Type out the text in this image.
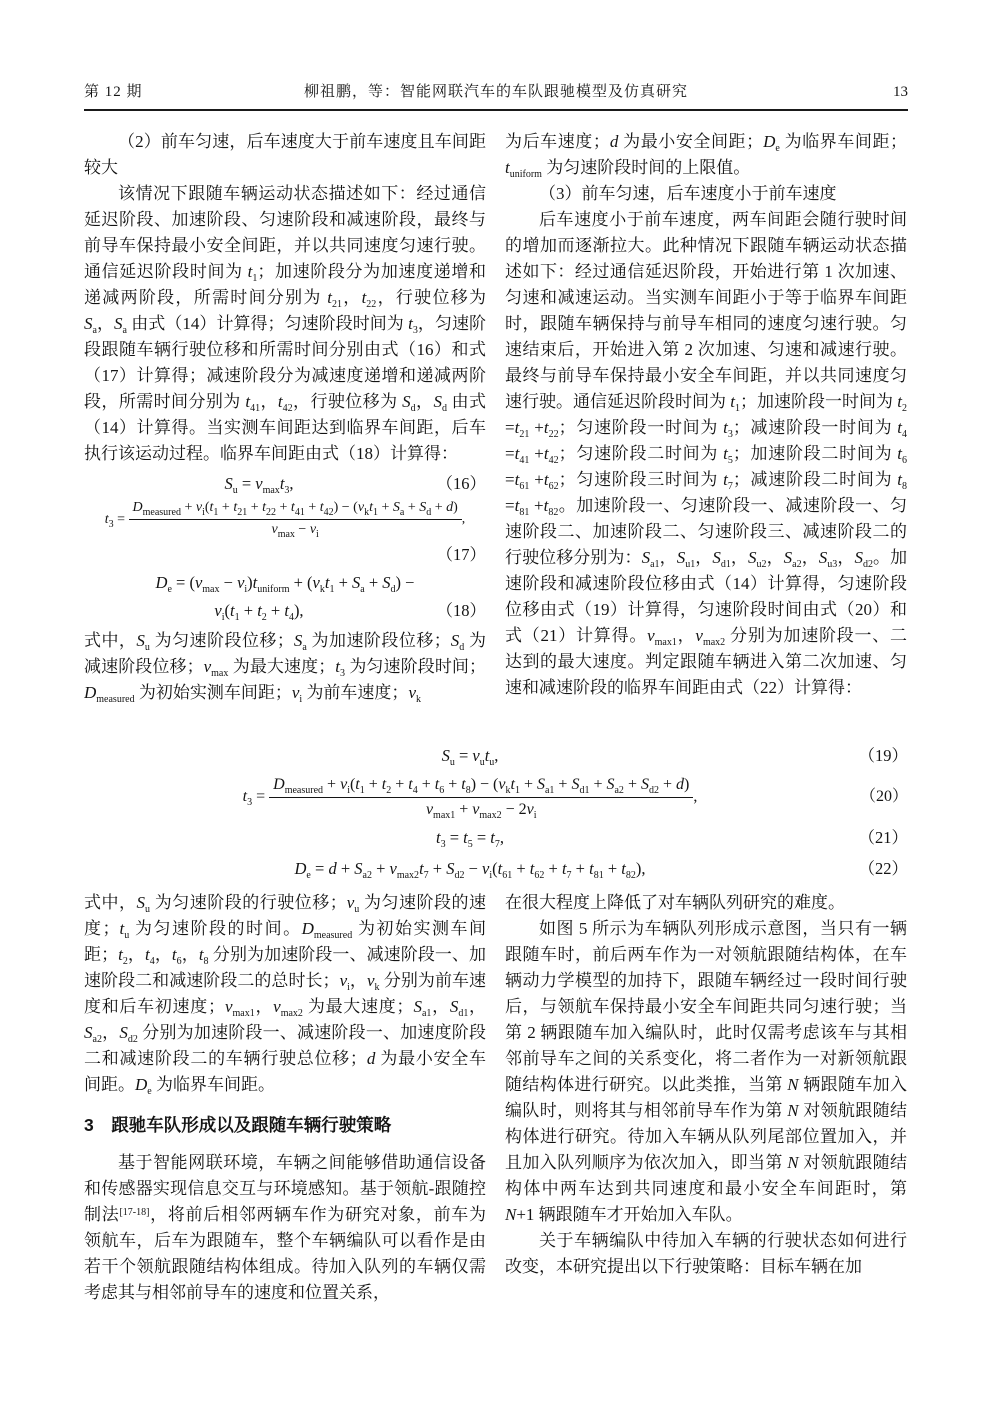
第 12 期	柳祖鹏，等：智能网联汽车的车队跟驰模型及仿真研究	13

（2）前车匀速，后车速度大于前车速度且车间距较大

该情况下跟随车辆运动状态描述如下：经过通信延迟阶段、加速阶段、匀速阶段和减速阶段，最终与前导车保持最小安全间距，并以共同速度匀速行驶。通信延迟阶段时间为 $t_1$；加速阶段分为加速度递增和递减两阶段，所需时间分别为 $t_{21}$，$t_{22}$，行驶位移为 $S_a$，$S_a$ 由式（14）计算得；匀速阶段时间为 $t_3$，匀速阶段跟随车辆行驶位移和所需时间分别由式（16）和式（17）计算得；减速阶段分为减速度递增和递减两阶段，所需时间分别为 $t_{41}$，$t_{42}$，行驶位移为 $S_d$，$S_d$ 由式（14）计算得。当实测车间距达到临界车间距，后车执行该运动过程。临界车间距由式（18）计算得：

$S_u = v_{max}t_3$,	（16）
$t_3$ =
$D_{measured} + v_i(t_1 + t_{21} + t_{22} + t_{41} + t_{42}) - (v_kt_1 + S_a + S_d + d)$
$v_{max} - v_i$
,
（17）
$D_e = (v_{max} - v_i)t_{uniform} + (v_kt_1 + S_a + S_d)$ −
$v_i(t_1 + t_2 + t_4)$,	（18）

式中，$S_u$ 为匀速阶段位移；$S_a$ 为加速阶段位移；$S_d$ 为减速阶段位移；$v_{max}$ 为最大速度；$t_3$ 为匀速阶段时间；$D_{measured}$ 为初始实测车间距；$v_i$ 为前车速度；$v_k$

为后车速度；d 为最小安全间距；$D_e$ 为临界车间距；$t_{uniform}$ 为匀速阶段时间的上限值。

（3）前车匀速，后车速度小于前车速度

后车速度小于前车速度，两车间距会随行驶时间的增加而逐渐拉大。此种情况下跟随车辆运动状态描述如下：经过通信延迟阶段，开始进行第 1 次加速、匀速和减速运动。当实测车间距小于等于临界车间距时，跟随车辆保持与前导车相同的速度匀速行驶。匀速结束后，开始进入第 2 次加速、匀速和减速行驶。最终与前导车保持最小安全车间距，并以共同速度匀速行驶。通信延迟阶段时间为 $t_1$；加速阶段一时间为 $t_2 =t_{21} +t_{22}$；匀速阶段一时间为 $t_3$；减速阶段一时间为 $t_4 =t_{41} +t_{42}$；匀速阶段二时间为 $t_5$；加速阶段二时间为 $t_6 =t_{61} +t_{62}$；匀速阶段三时间为 $t_7$；减速阶段二时间为 $t_8 =t_{81} +t_{82}$。加速阶段一、匀速阶段一、减速阶段一、匀速阶段二、加速阶段二、匀速阶段三、减速阶段二的行驶位移分别为：$S_{a1}$，$S_{u1}$，$S_{d1}$，$S_{u2}$，$S_{a2}$，$S_{u3}$，$S_{d2}$。加速阶段和减速阶段位移由式（14）计算得，匀速阶段位移由式（19）计算得，匀速阶段时间由式（20）和式（21）计算得。$v_{max1}$，$v_{max2}$ 分别为加速阶段一、二达到的最大速度。判定跟随车辆进入第二次加速、匀速和减速阶段的临界车间距由式（22）计算得：

$S_u = v_ut_u$,	（19）
$t_3$ =
$D_{measured} + v_i(t_1 + t_2 + t_4 + t_6 + t_8) - (v_kt_1 + S_{a1} + S_{d1} + S_{a2} + S_{d2} + d)$
$v_{max1} + v_{max2} - 2v_i$
,	（20）
$t_3 = t_5 = t_7$,	（21）
$D_e = d + S_{a2} + v_{max2}t_7 + S_{d2} - v_i(t_{61} + t_{62} + t_7 + t_{81} + t_{82})$,	（22）

式中，$S_u$ 为匀速阶段的行驶位移；$v_u$ 为匀速阶段的速度；$t_u$ 为匀速阶段的时间。$D_{measured}$ 为初始实测车间距；$t_2$，$t_4$，$t_6$，$t_8$ 分别为加速阶段一、减速阶段一、加速阶段二和减速阶段二的总时长；$v_i$，$v_k$ 分别为前车速度和后车初速度；$v_{max1}$，$v_{max2}$ 为最大速度；$S_{a1}$，$S_{d1}$，$S_{a2}$，$S_{d2}$ 分别为加速阶段一、减速阶段一、加速度阶段二和减速阶段二的车辆行驶总位移；d 为最小安全车间距。$D_e$ 为临界车间距。

3　跟驰车队形成以及跟随车辆行驶策略

基于智能网联环境，车辆之间能够借助通信设备和传感器实现信息交互与环境感知。基于领航-跟随控制法[17-18]，将前后相邻两辆车作为研究对象，前车为领航车，后车为跟随车，整个车辆编队可以看作是由若干个领航跟随结构体组成。待加入队列的车辆仅需考虑其与相邻前导车的速度和位置关系，

在很大程度上降低了对车辆队列研究的难度。

如图 5 所示为车辆队列形成示意图，当只有一辆跟随车时，前后两车作为一对领航跟随结构体，在车辆动力学模型的加持下，跟随车辆经过一段时间行驶后，与领航车保持最小安全车间距共同匀速行驶；当第 2 辆跟随车加入编队时，此时仅需考虑该车与其相邻前导车之间的关系变化，将二者作为一对新领航跟随结构体进行研究。以此类推，当第 N 辆跟随车加入编队时，则将其与相邻前导车作为第 N 对领航跟随结构体进行研究。待加入车辆从队列尾部位置加入，并且加入队列顺序为依次加入，即当第 N 对领航跟随结构体中两车达到共同速度和最小安全车间距时，第 N+1 辆跟随车才开始加入车队。

关于车辆编队中待加入车辆的行驶状态如何进行改变，本研究提出以下行驶策略：目标车辆在加
